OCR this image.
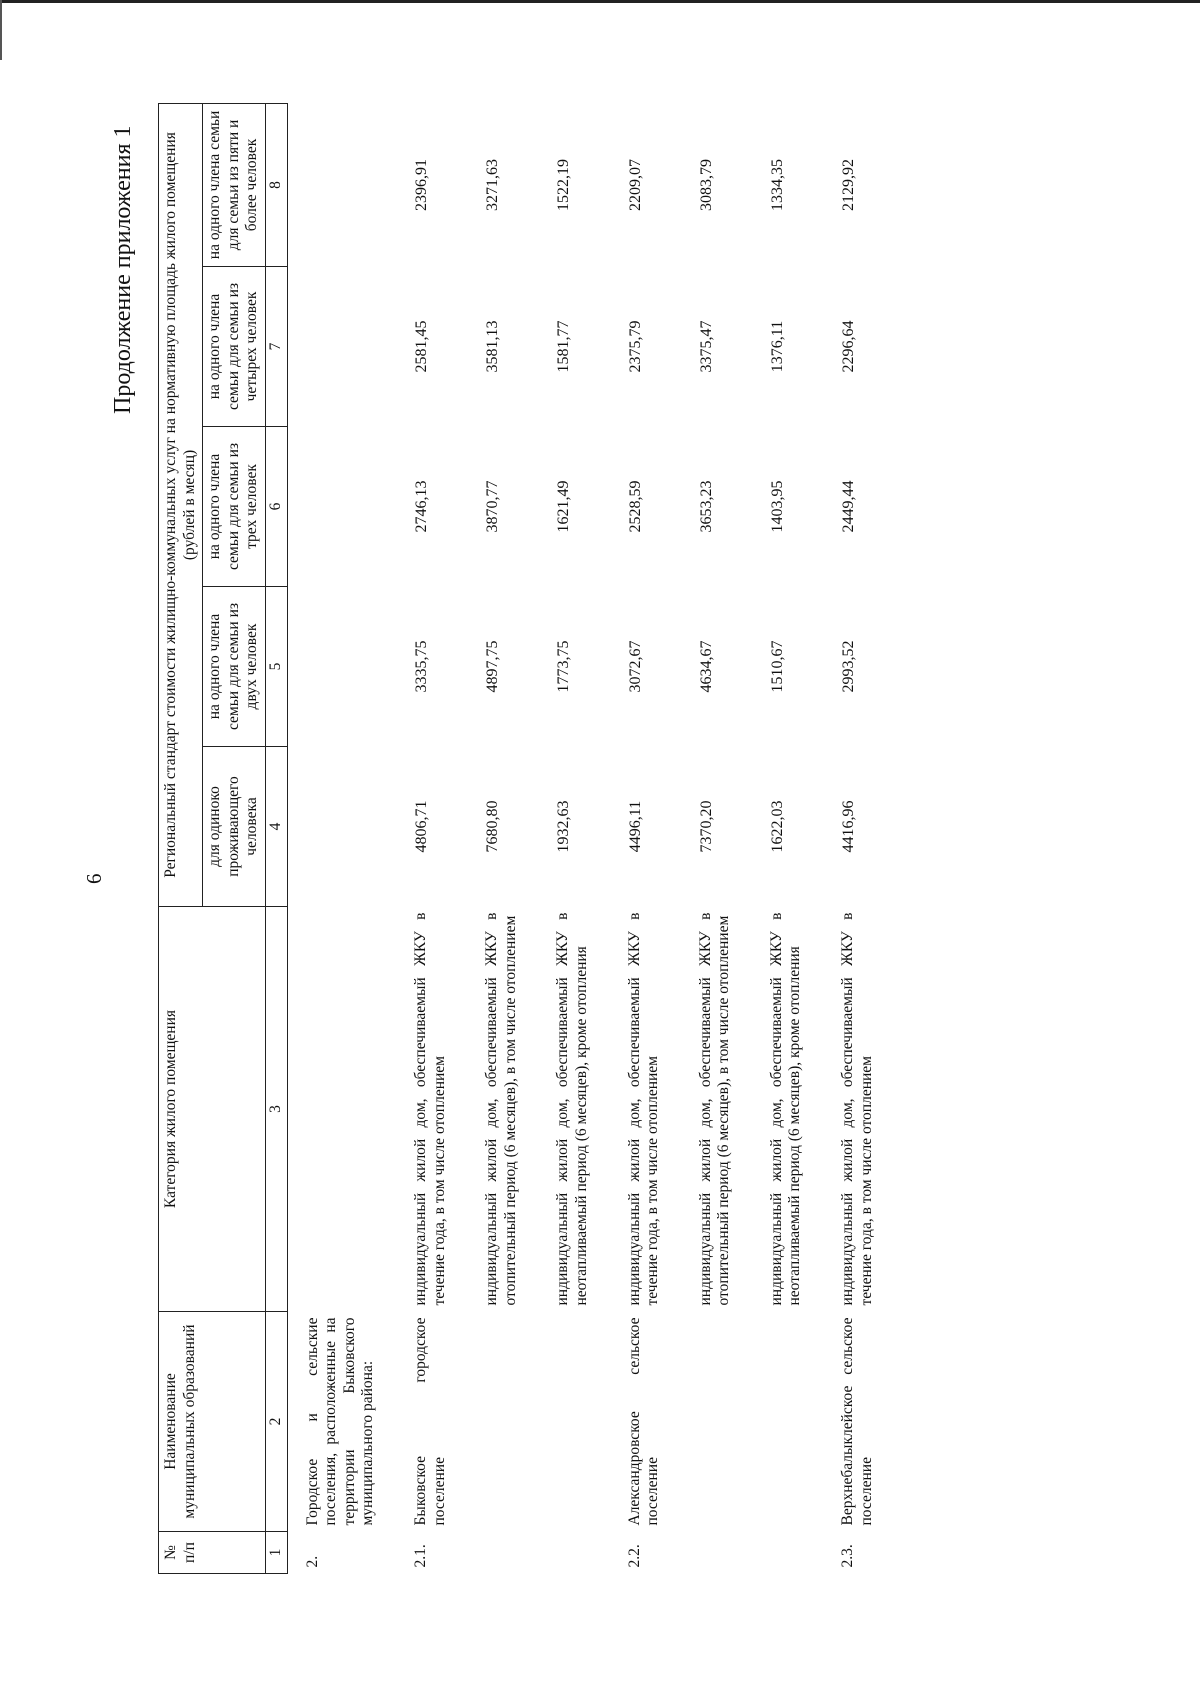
6
Продолжение приложения 1
№ п/п	Наименование муниципальных образований	Категория жилого помещения	Региональный стандарт стоимости жилищно-коммунальных услуг на нормативную площадь жилого помещения (рублей в месяц)				
			для одиноко проживающего человека	на одного члена семьи для семьи из двух человек	на одного члена семьи для семьи из трех человек	на одного члена семьи для семьи из четырех человек	на одного члена семьи для семьи из пяти и более человек
1	2	3	4	5	6	7	8
2.	Городское и сельские поселения, расположенные на территории Быковского муниципального района:						
2.1.	Быковское городское поселение	индивидуальный жилой дом, обеспечиваемый ЖКУ в течение года, в том числе отоплением	4806,71	3335,75	2746,13	2581,45	2396,91
		индивидуальный жилой дом, обеспечиваемый ЖКУ в отопительный период (6 месяцев), в том числе отоплением	7680,80	4897,75	3870,77	3581,13	3271,63
		индивидуальный жилой дом, обеспечиваемый ЖКУ в неотапливаемый период (6 месяцев), кроме отопления	1932,63	1773,75	1621,49	1581,77	1522,19
2.2.	Александровское сельское поселение	индивидуальный жилой дом, обеспечиваемый ЖКУ в течение года, в том числе отоплением	4496,11	3072,67	2528,59	2375,79	2209,07
		индивидуальный жилой дом, обеспечиваемый ЖКУ в отопительный период (6 месяцев), в том числе отоплением	7370,20	4634,67	3653,23	3375,47	3083,79
		индивидуальный жилой дом, обеспечиваемый ЖКУ в неотапливаемый период (6 месяцев), кроме отопления	1622,03	1510,67	1403,95	1376,11	1334,35
2.3.	Верхнебалыклейское сельское поселение	индивидуальный жилой дом, обеспечиваемый ЖКУ в течение года, в том числе отоплением	4416,96	2993,52	2449,44	2296,64	2129,92
